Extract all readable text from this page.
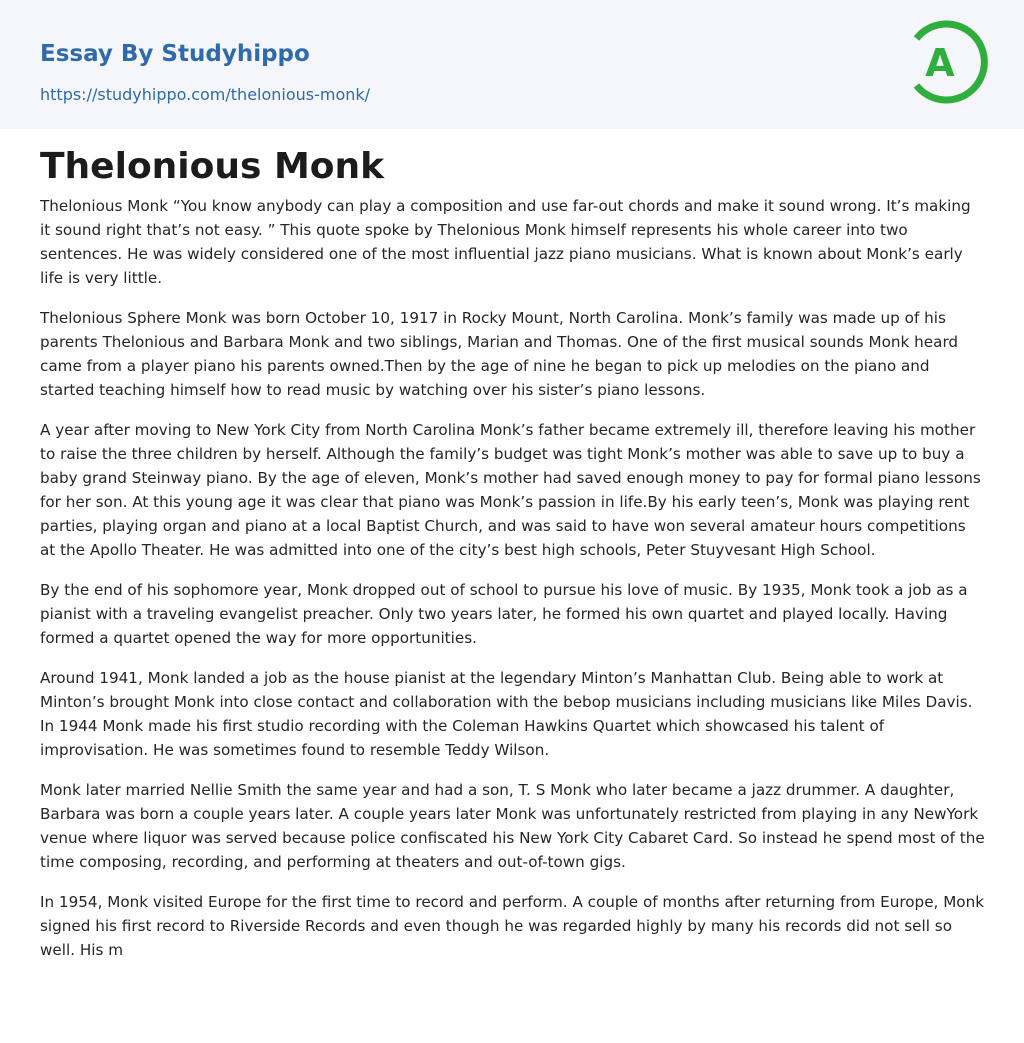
Essay By Studyhippo
https://studyhippo.com/thelonious-monk/
A
Thelonious Monk

Thelonious Monk “You know anybody can play a composition and use far-out chords and make it sound wrong. It’s making it sound right that’s not easy. ” This quote spoke by Thelonious Monk himself represents his whole career into two sentences. He was widely considered one of the most influential jazz piano musicians. What is known about Monk’s early life is very little.

Thelonious Sphere Monk was born October 10, 1917 in Rocky Mount, North Carolina. Monk’s family was made up of his parents Thelonious and Barbara Monk and two siblings, Marian and Thomas. One of the first musical sounds Monk heard came from a player piano his parents owned.Then by the age of nine he began to pick up melodies on the piano and started teaching himself how to read music by watching over his sister’s piano lessons.

A year after moving to New York City from North Carolina Monk’s father became extremely ill, therefore leaving his mother to raise the three children by herself. Although the family’s budget was tight Monk’s mother was able to save up to buy a baby grand Steinway piano. By the age of eleven, Monk’s mother had saved enough money to pay for formal piano lessons for her son. At this young age it was clear that piano was Monk’s passion in life.By his early teen’s, Monk was playing rent parties, playing organ and piano at a local Baptist Church, and was said to have won several amateur hours competitions at the Apollo Theater. He was admitted into one of the city’s best high schools, Peter Stuyvesant High School.

By the end of his sophomore year, Monk dropped out of school to pursue his love of music. By 1935, Monk took a job as a pianist with a traveling evangelist preacher. Only two years later, he formed his own quartet and played locally. Having formed a quartet opened the way for more opportunities.

Around 1941, Monk landed a job as the house pianist at the legendary Minton’s Manhattan Club. Being able to work at Minton’s brought Monk into close contact and collaboration with the bebop musicians including musicians like Miles Davis. In 1944 Monk made his first studio recording with the Coleman Hawkins Quartet which showcased his talent of improvisation. He was sometimes found to resemble Teddy Wilson.

Monk later married Nellie Smith the same year and had a son, T. S Monk who later became a jazz drummer. A daughter, Barbara was born a couple years later. A couple years later Monk was unfortunately restricted from playing in any NewYork venue where liquor was served because police confiscated his New York City Cabaret Card. So instead he spend most of the time composing, recording, and performing at theaters and out-of-town gigs.

In 1954, Monk visited Europe for the first time to record and perform. A couple of months after returning from Europe, Monk signed his first record to Riverside Records and even though he was regarded highly by many his records did not sell so well. His m
